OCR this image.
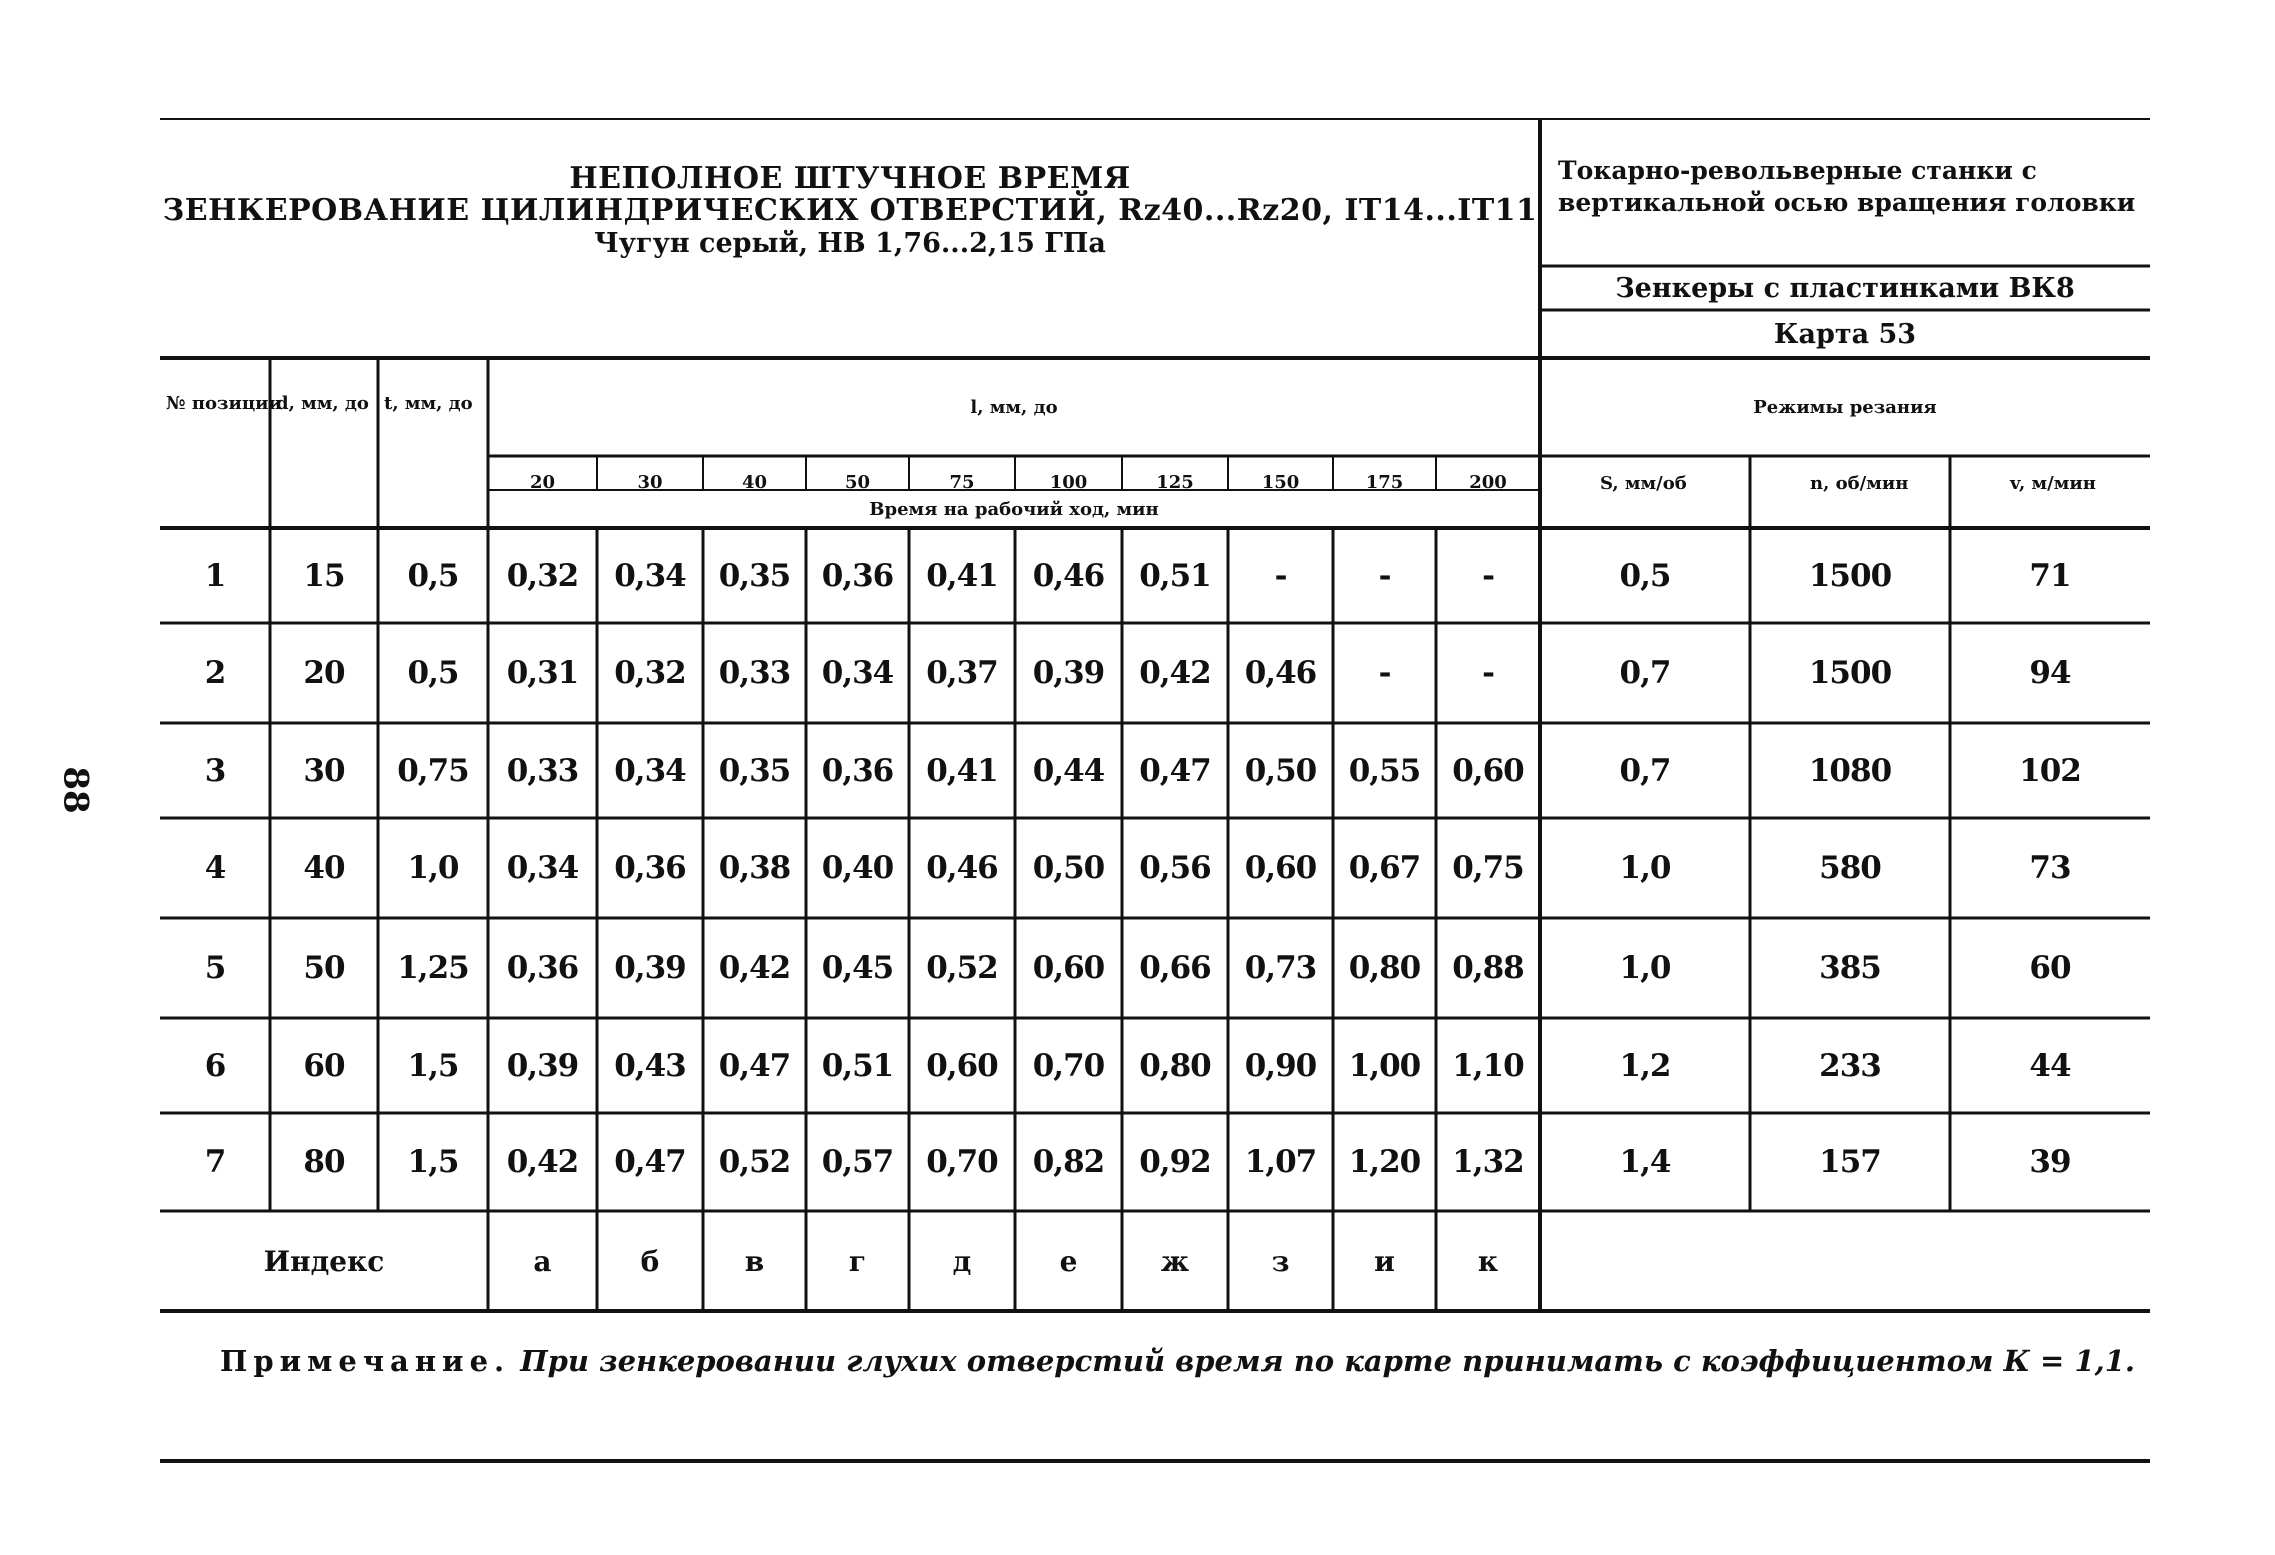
88
НЕПОЛНОЕ ШТУЧНОЕ ВРЕМЯ
ЗЕНКЕРОВАНИЕ ЦИЛИНДРИЧЕСКИХ ОТВЕРСТИЙ, Rz40...Rz20, IT14...IT11
Чугун серый, НВ 1,76...2,15 ГПа
Токарно-револьверные станки с
вертикальной осью вращения головки
Зенкеры с пластинками ВК8
Карта 53
№ позиции
d, мм, до t, мм, до	l, мм, до	Режимы резания
Время на рабочий ход, мин
S, мм/об	n, об/мин	v, м/мин
20	30	40	50	75	100	125	150	175	200
1	15	0,5	0,32	0,34	0,35	0,36	0,41	0,46	0,51	-	-	-	0,5	1500	71
2	20	0,5	0,31	0,32	0,33	0,34	0,37	0,39	0,42	0,46	-	-	0,7	1500	94
3	30	0,75	0,33	0,34	0,35	0,36	0,41	0,44	0,47	0,50	0,55	0,60	0,7	1080	102
4	40	1,0	0,34	0,36	0,38	0,40	0,46	0,50	0,56	0,60	0,67	0,75	1,0	580	73
5	50	1,25	0,36	0,39	0,42	0,45	0,52	0,60	0,66	0,73	0,80	0,88	1,0	385	60
6	60	1,5	0,39	0,43	0,47	0,51	0,60	0,70	0,80	0,90	1,00	1,10	1,2	233	44
7	80	1,5	0,42	0,47	0,52	0,57	0,70	0,82	0,92	1,07	1,20	1,32	1,4	157	39
Индекс	а	б	в	г	д	е	ж	з	и	к
Примечание.
При зенкеровании глухих отверстий время по карте принимать с коэффициентом К = 1,1.
